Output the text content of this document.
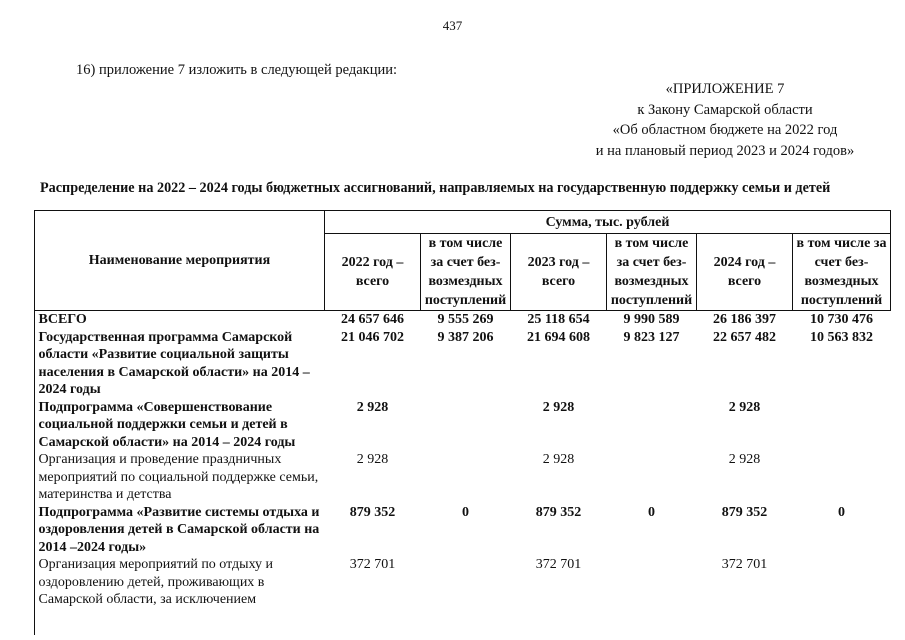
437
16) приложение 7 изложить в следующей редакции:
«ПРИЛОЖЕНИЕ 7
к Закону Самарской области
«Об областном бюджете на 2022 год
и на плановый период 2023 и 2024 годов»
Распределение на 2022 – 2024 годы бюджетных ассигнований, направляемых на государственную поддержку семьи и детей
Наименование мероприятия	Сумма, тыс. рублей					
	2022 год – всего	в том числе за счет без-возмездных поступлений	2023 год – всего	в том числе за счет без-возмездных поступлений	2024 год – всего	в том числе за счет без-возмездных поступлений
ВСЕГО	24 657 646	9 555 269	25 118 654	9 990 589	26 186 397	10 730 476
Государственная программа Самарской области «Развитие социальной защиты населения в Самарской области» на 2014 – 2024 годы	21 046 702	9 387 206	21 694 608	9 823 127	22 657 482	10 563 832
Подпрограмма «Совершенствование социальной поддержки семьи и детей в Самарской области» на 2014 – 2024 годы	2 928		2 928		2 928	
Организация и проведение праздничных мероприятий по социальной поддержке семьи, материнства и детства	2 928		2 928		2 928	
Подпрограмма «Развитие системы отдыха и оздоровления детей в Самарской области на 2014 –2024 годы»	879 352	0	879 352	0	879 352	0
Организация мероприятий по отдыху и оздоровлению детей, проживающих в Самарской области, за исключением	372 701		372 701		372 701	
